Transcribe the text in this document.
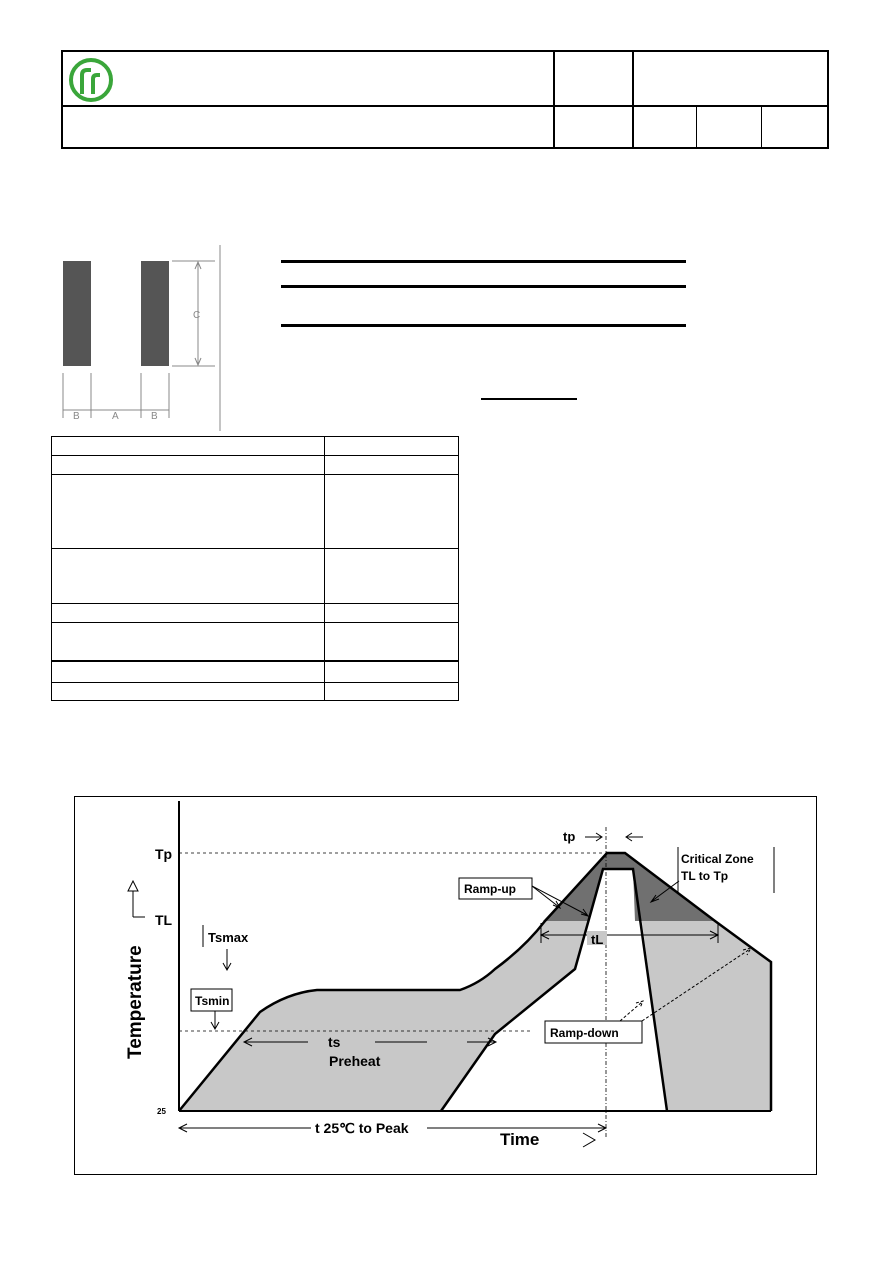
C
B	A	B
Tp
TL
25
Temperature
Time
tp
Critical Zone
TL to Tp
Ramp-up
tL
Tsmax
Tsmin
ts
Preheat
Ramp-down
t 25℃ to Peak
